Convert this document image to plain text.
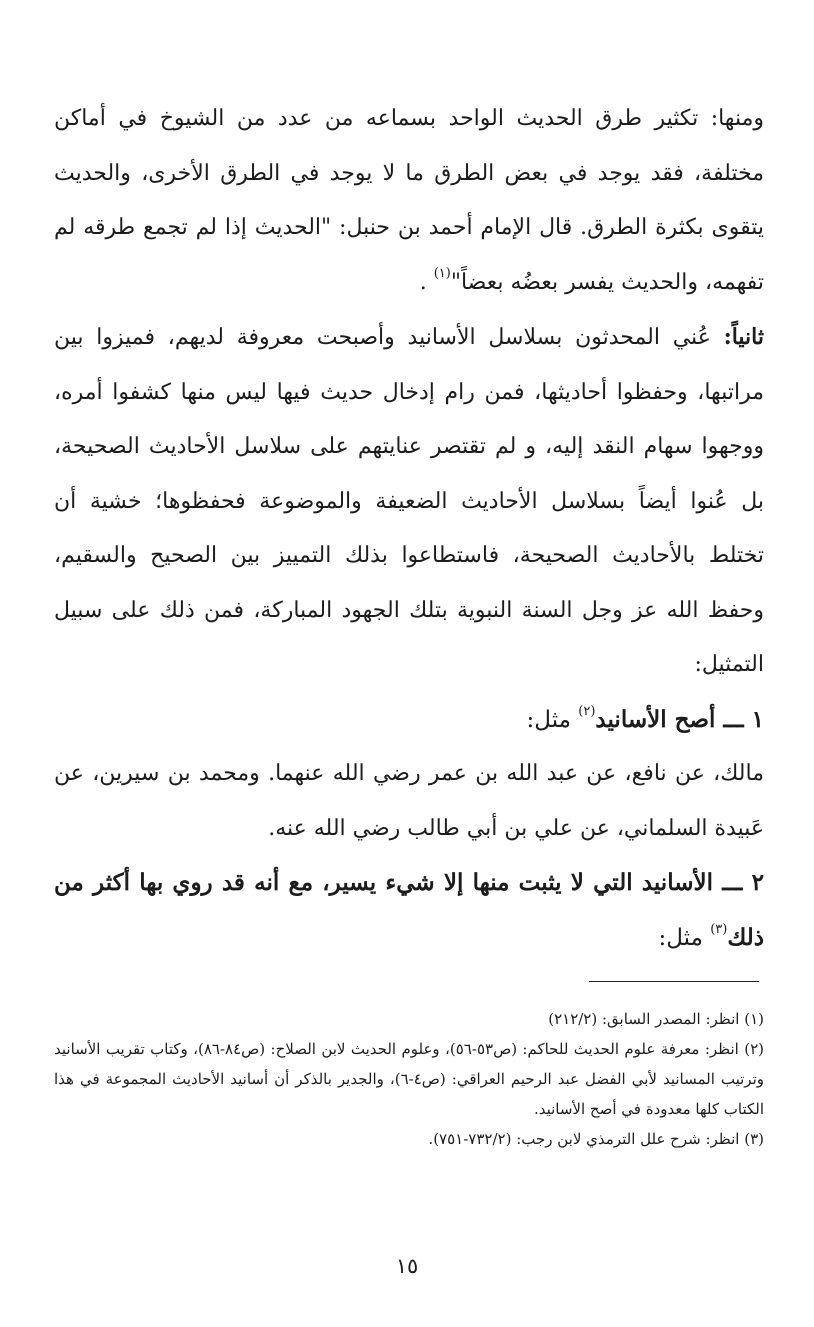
ومنها: تكثير طرق الحديث الواحد بسماعه من عدد من الشيوخ في أماكن مختلفة، فقد يوجد في بعض الطرق ما لا يوجد في الطرق الأخرى، والحديث يتقوى بكثرة الطرق. قال الإمام أحمد بن حنبل: "الحديث إذا لم تجمع طرقه لم تفهمه، والحديث يفسر بعضُه بعضاً"$^{(١)}$ .

ثانياً: عُني المحدثون بسلاسل الأسانيد وأصبحت معروفة لديهم، فميزوا بين مراتبها، وحفظوا أحاديثها، فمن رام إدخال حديث فيها ليس منها كشفوا أمره، ووجهوا سهام النقد إليه، و لم تقتصر عنايتهم على سلاسل الأحاديث الصحيحة، بل عُنوا أيضاً بسلاسل الأحاديث الضعيفة والموضوعة فحفظوها؛ خشية أن تختلط بالأحاديث الصحيحة، فاستطاعوا بذلك التمييز بين الصحيح والسقيم، وحفظ الله عز وجل السنة النبوية بتلك الجهود المباركة، فمن ذلك على سبيل التمثيل:

١ ـــ أصح الأسانيد$^{(٢)}$ مثل:

مالك، عن نافع، عن عبد الله بن عمر رضي الله عنهما. ومحمد بن سيرين، عن عَبيدة السلماني، عن علي بن أبي طالب رضي الله عنه.

٢ ـــ الأسانيد التي لا يثبت منها إلا شيء يسير، مع أنه قد روي بها أكثر من ذلك$^{(٣)}$ مثل:

(١) انظر: المصدر السابق: (٢١٢/٢)

(٢) انظر: معرفة علوم الحديث للحاكم: (ص٥٣-٥٦)، وعلوم الحديث لابن الصلاح: (ص٨٤-٨٦)، وكتاب تقريب الأسانيد وترتيب المسانيد لأبي الفضل عبد الرحيم العراقي: (ص٤-٦)، والجدير بالذكر أن أسانيد الأحاديث المجموعة في هذا الكتاب كلها معدودة في أصح الأسانيد.

(٣) انظر: شرح علل الترمذي لابن رجب: (٧٣٢/٢-٧٥١).

١٥
